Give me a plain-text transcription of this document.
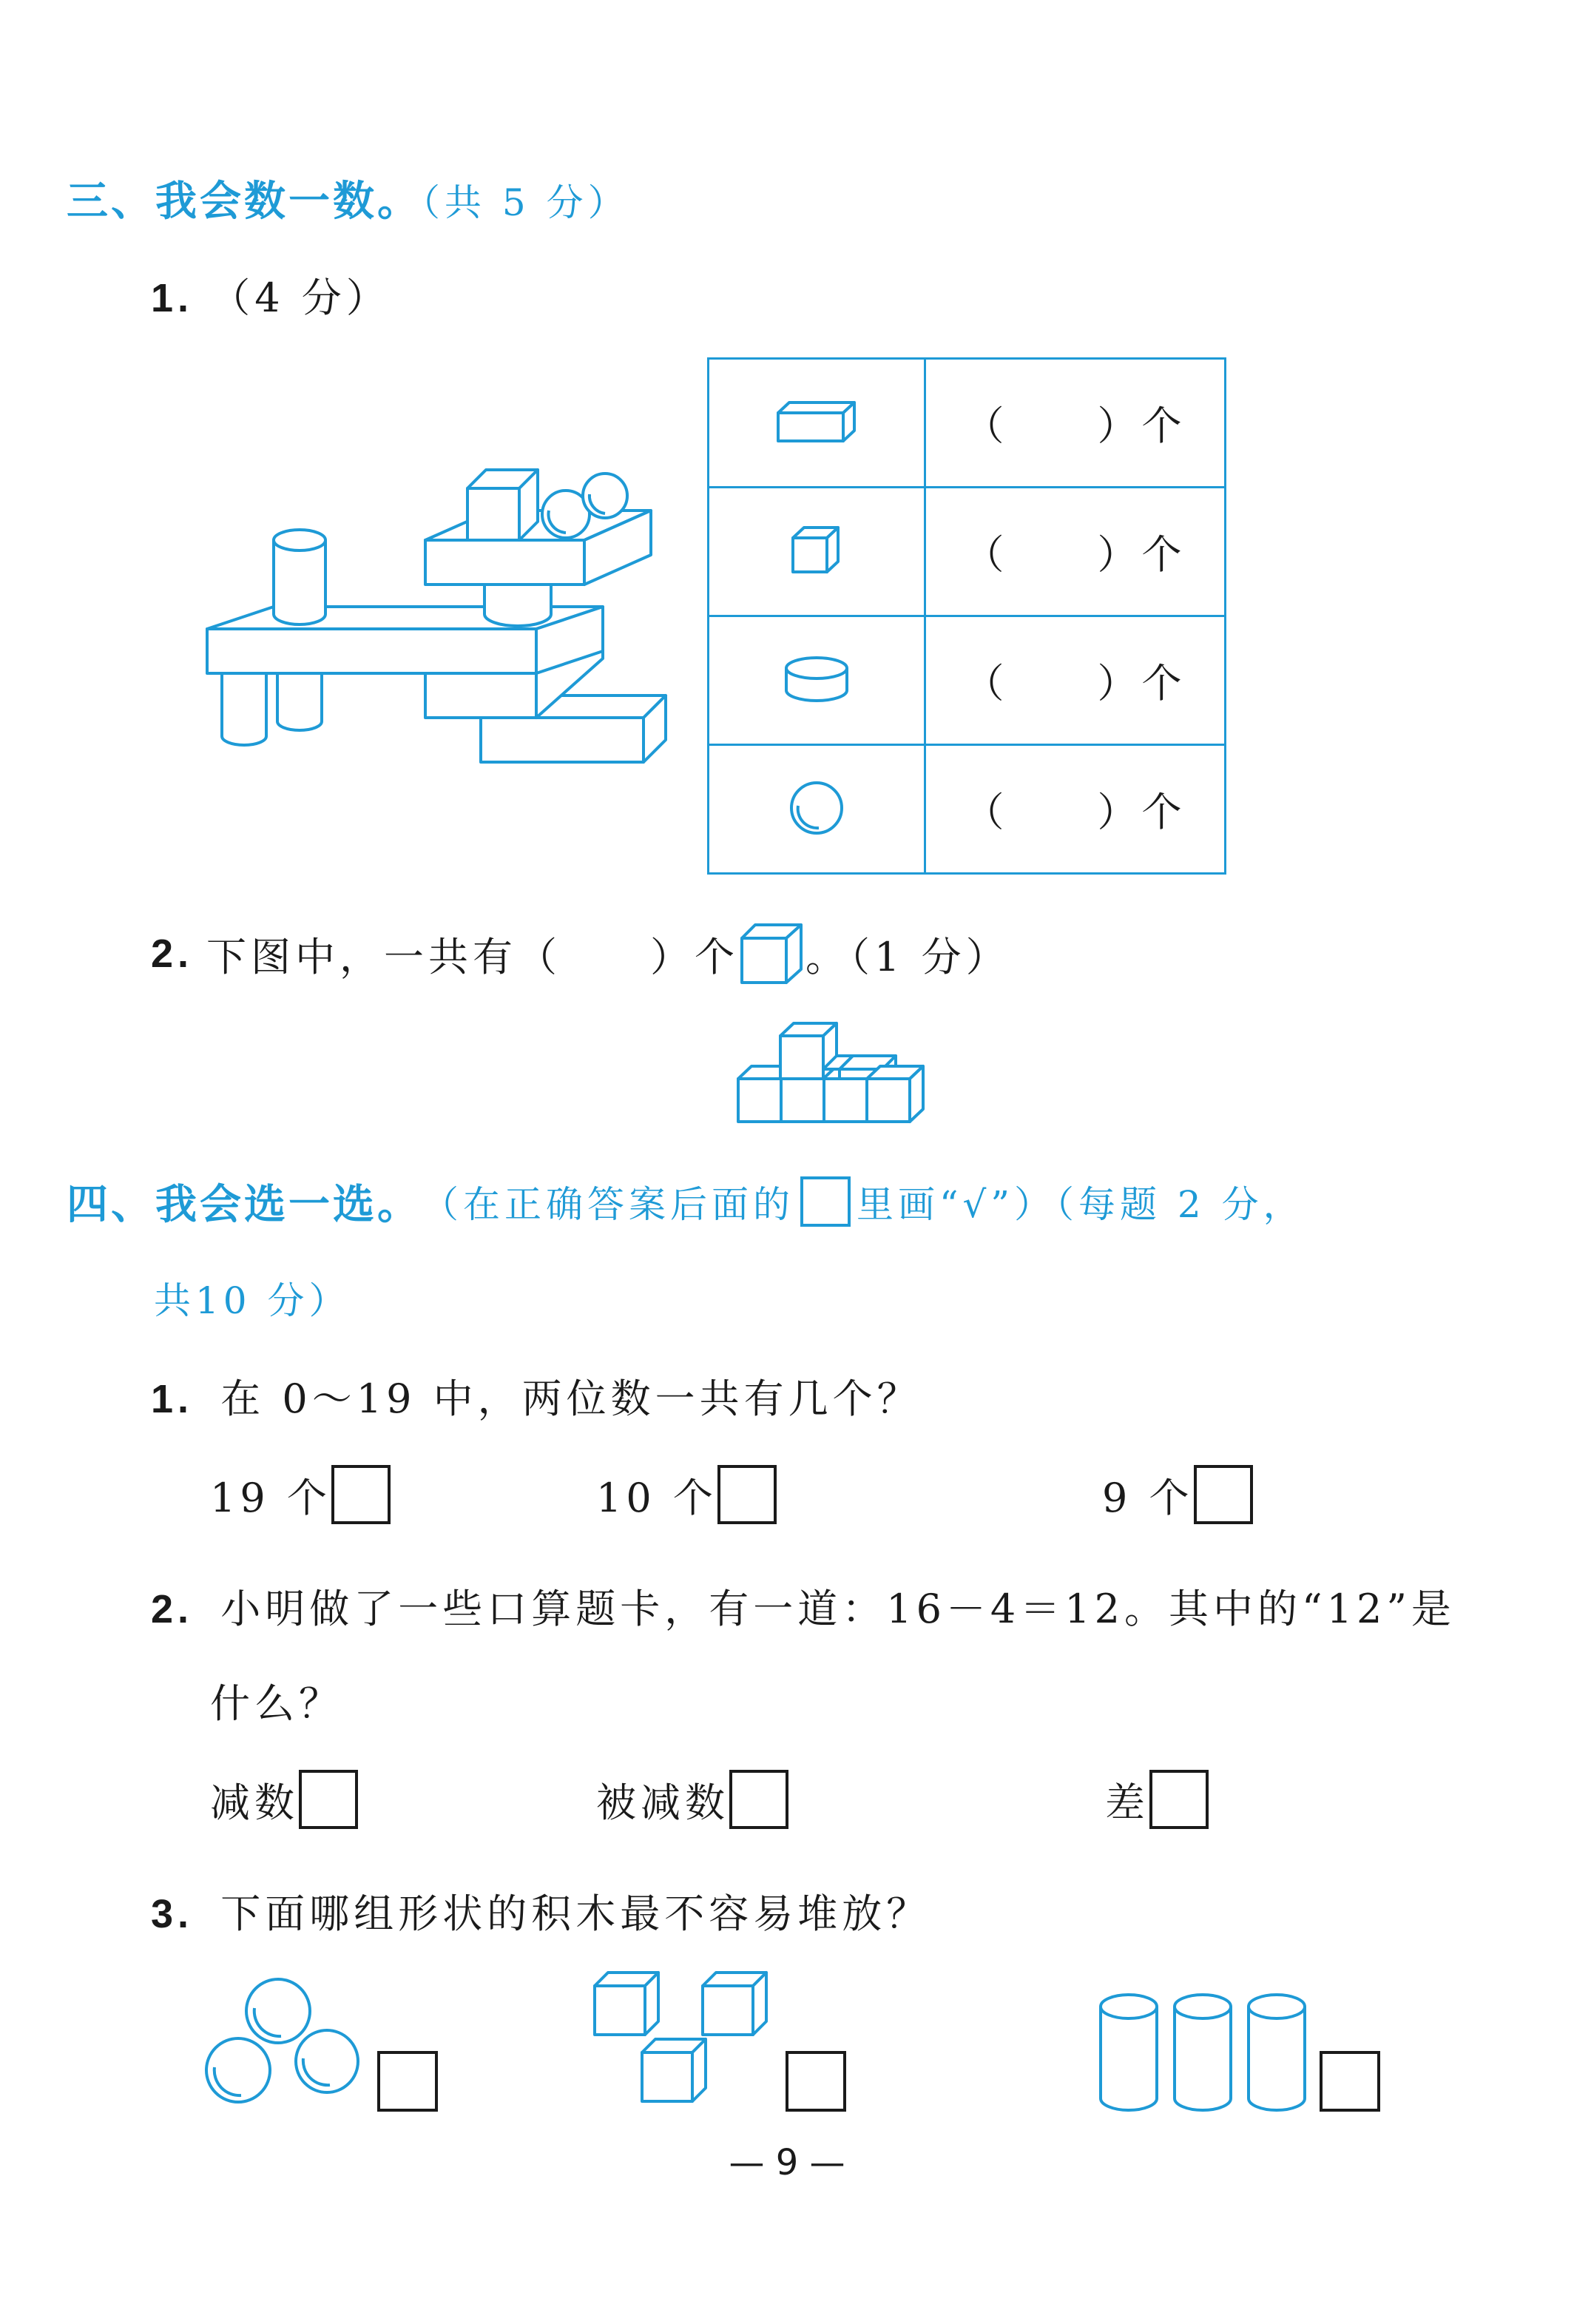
三、我会数一数。（共 5 分）
1. （4 分）
	（　　）个
	（　　）个
	（　　）个
	（　　）个
2. 下图中，一共有（　　）个 。（1 分）
四、我会选一选。 （在正确答案后面的 里画“√”）（每题 2 分，
共10 分）
1. 在 0～19 中，两位数一共有几个？
19 个	10 个	9 个
2. 小明做了一些口算题卡，有一道：16－4＝12。其中的“12”是
什么？
减数	被减数	差
3. 下面哪组形状的积木最不容易堆放？
— 9 —
